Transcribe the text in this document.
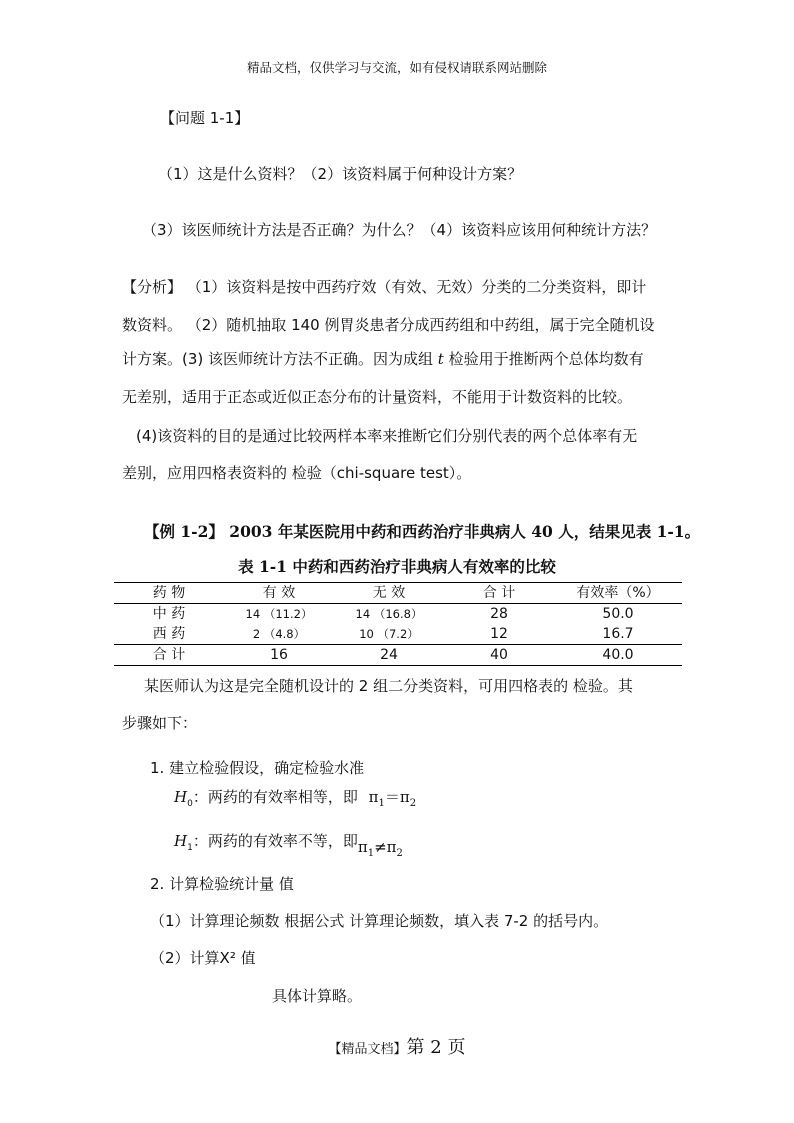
精品文档，仅供学习与交流，如有侵权请联系网站删除
【问题 1-1】
（1）这是什么资料？（2）该资料属于何种设计方案？
（3）该医师统计方法是否正确？为什么？（4）该资料应该用何种统计方法？
【分析】 （1）该资料是按中西药疗效（有效、无效）分类的二分类资料，即计
数资料。 （2）随机抽取 140 例胃炎患者分成西药组和中药组，属于完全随机设
计方案。(3) 该医师统计方法不正确。因为成组 t 检验用于推断两个总体均数有
无差别，适用于正态或近似正态分布的计量资料，不能用于计数资料的比较。
(4)该资料的目的是通过比较两样本率来推断它们分别代表的两个总体率有无
差别，应用四格表资料的 检验（chi-square test）。
【例 1-2】 2003 年某医院用中药和西药治疗非典病人 40 人，结果见表 1-1。
表 1-1 中药和西药治疗非典病人有效率的比较
药 物	有 效	无 效	合 计	有效率（%）
中 药	14 （11.2）	14 （16.8）	28	50.0
西 药	2 （4.8）	10 （7.2）	12	16.7
合 计	16	24	40	40.0
某医师认为这是完全随机设计的 2 组二分类资料，可用四格表的 检验。其
步骤如下：
1. 建立检验假设，确定检验水准
$H_0$：两药的有效率相等，即 $\pi_1=\pi_2$
$H_1$：两药的有效率不等，即$\pi_1\ne\pi_2$
2. 计算检验统计量 值
（1）计算理论频数 根据公式 计算理论频数，填入表 7-2 的括号内。
（2）计算Ⅹ² 值
具体计算略。
【精品文档】第 2 页
